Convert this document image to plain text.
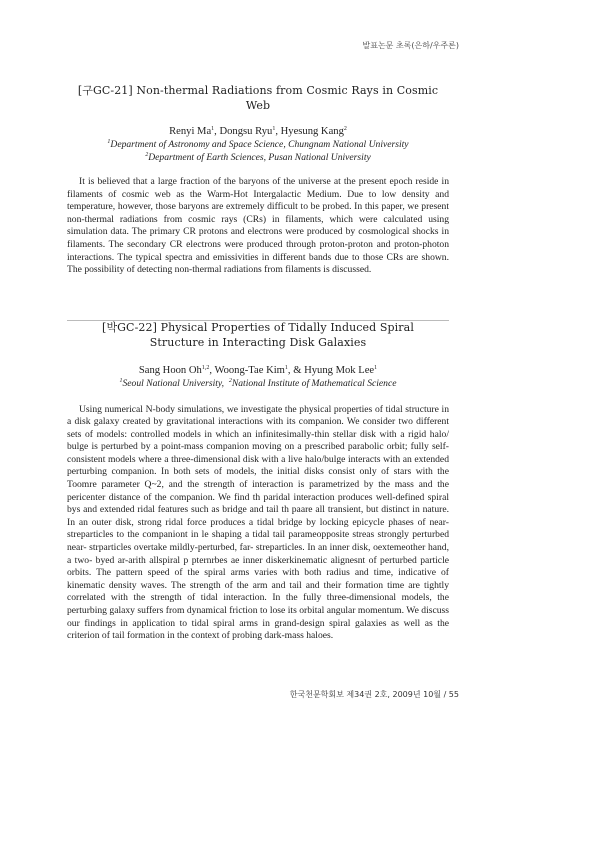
발표논문 초록(은하/우주론)
[구GC-21] Non-thermal Radiations from Cosmic Rays in Cosmic Web
Renyi Ma$^1$, Dongsu Ryu$^1$, Hyesung Kang$^2$
$^1$Department of Astronomy and Space Science, Chungnam National University
$^2$Department of Earth Sciences, Pusan National University

It is believed that a large fraction of the baryons of the universe at the present epoch reside in filaments of cosmic web as the Warm-Hot Intergalactic Medium. Due to low density and temperature, however, those baryons are extremely difficult to be probed. In this paper, we present non-thermal radiations from cosmic rays (CRs) in filaments, which were calculated using simulation data. The primary CR protons and electrons were produced by cosmological shocks in filaments. The secondary CR electrons were produced through proton-proton and proton-photon interactions. The typical spectra and emissivities in different bands due to those CRs are shown. The possibility of detecting non-thermal radiations from filaments is discussed.

[박GC-22] Physical Properties of Tidally Induced Spiral Structure in Interacting Disk Galaxies
Sang Hoon Oh$^{1,2}$, Woong-Tae Kim$^1$, & Hyung Mok Lee$^1$
$^1$Seoul National University, $^2$National Institute of Mathematical Science

Using numerical N-body simulations, we investigate the physical properties of tidal structure in a disk galaxy created by gravitational interactions with its companion. We consider two different sets of models: controlled models in which an infinitesimally-thin stellar disk with a rigid halo/ bulge is perturbed by a point-mass companion moving on a prescribed parabolic orbit; fully self-consistent models where a three-dimensional disk with a live halo/bulge interacts with an extended perturbing companion. In both sets of models, the initial disks consist only of stars with the Toomre parameter Q~2, and the strength of interaction is parametrized by the mass and the pericenter distance of the companion. We find th paridal interaction produces well-defined spiral bys and extended ridal features such as bridge and tail th paare all transient, but distinct in nature. In an outer disk, strong ridal force produces a tidal bridge by locking epicycle phases of near-streparticles to the companiont in le shaping a tidal tail parameopposite streas strongly perturbed near- strparticles overtake mildly-perturbed, far- streparticles. In an inner disk, oextemeother hand, a two- byed ar-arith allspiral p pternrbes ae inner diskerkinematic alignesnt of perturbed particle orbits. The pattern speed of the spiral arms varies with both radius and time, indicative of kinematic density waves. The strength of the arm and tail and their formation time are tightly correlated with the strength of tidal interaction. In the fully three-dimensional models, the perturbing galaxy suffers from dynamical friction to lose its orbital angular momentum. We discuss our findings in application to tidal spiral arms in grand-design spiral galaxies as well as the criterion of tail formation in the context of probing dark-mass haloes.

한국천문학회보 제34권 2호, 2009년 10월 / 55
